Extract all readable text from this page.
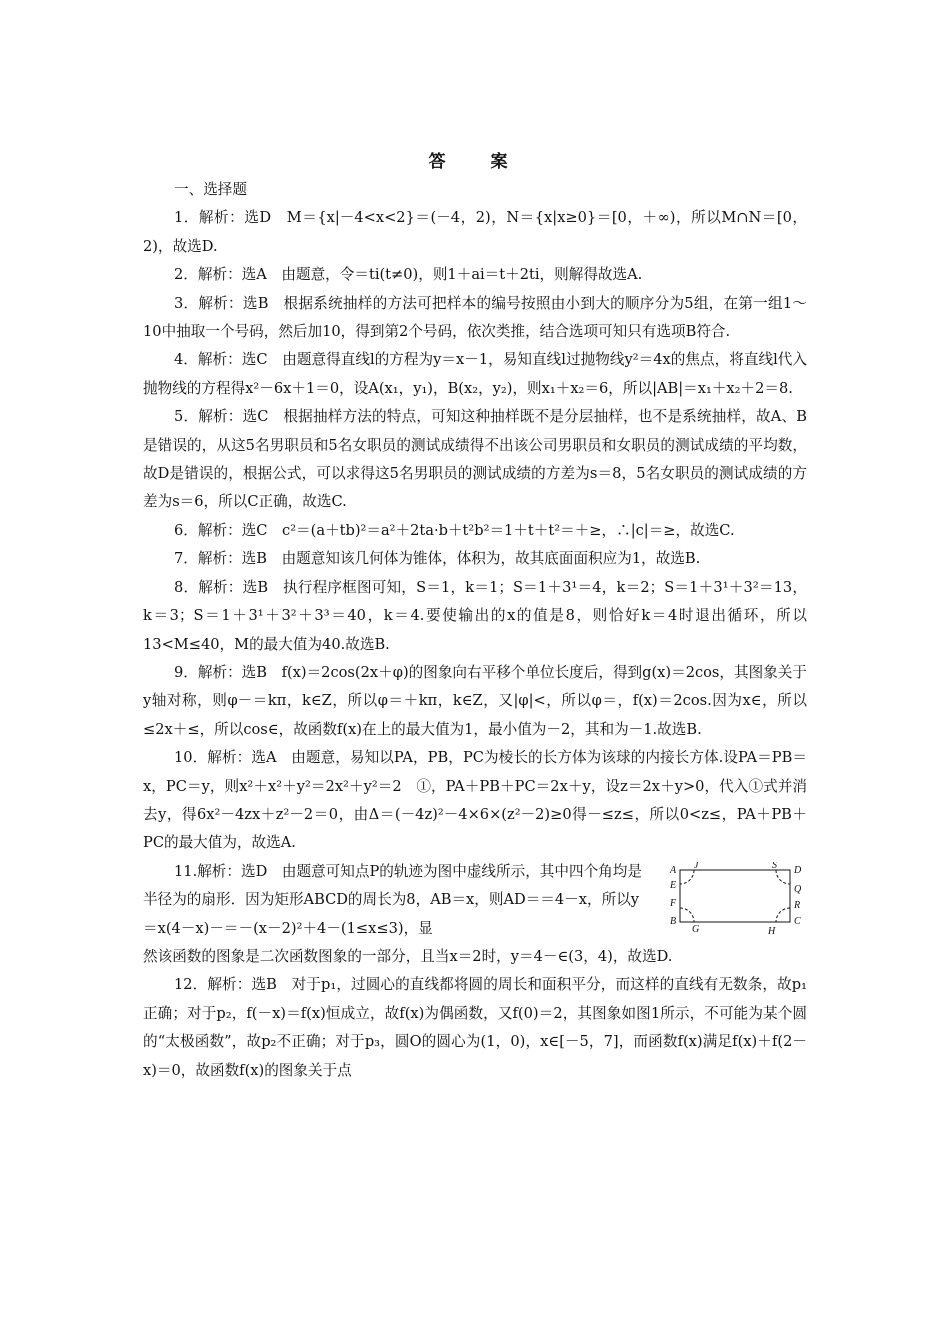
答　案

一、选择题

1．解析：选D　M＝{x|－4<x<2}＝(－4，2)，N＝{x|x≥0}＝[0，＋∞)，所以M∩N＝[0，2)，故选D.

2．解析：选A　由题意，令＝ti(t≠0)，则1＋ai＝t＋2ti，则解得故选A.

3．解析：选B　根据系统抽样的方法可把样本的编号按照由小到大的顺序分为5组，在第一组1～10中抽取一个号码，然后加10，得到第2个号码，依次类推，结合选项可知只有选项B符合.

4．解析：选C　由题意得直线l的方程为y＝x－1，易知直线l过抛物线y²＝4x的焦点，将直线l代入抛物线的方程得x²－6x＋1＝0，设A(x₁，y₁)，B(x₂，y₂)，则x₁＋x₂＝6，所以|AB|＝x₁＋x₂＋2＝8.

5．解析：选C　根据抽样方法的特点，可知这种抽样既不是分层抽样，也不是系统抽样，故A、B是错误的，从这5名男职员和5名女职员的测试成绩得不出该公司男职员和女职员的测试成绩的平均数，故D是错误的，根据公式，可以求得这5名男职员的测试成绩的方差为s＝8，5名女职员的测试成绩的方差为s＝6，所以C正确，故选C.

6．解析：选C　c²＝(a＋tb)²＝a²＋2ta·b＋t²b²＝1＋t＋t²＝＋≥，∴|c|＝≥，故选C.

7．解析：选B　由题意知该几何体为锥体，体积为，故其底面面积应为1，故选B.

8．解析：选B　执行程序框图可知，S＝1，k＝1；S＝1＋3¹＝4，k＝2；S＝1＋3¹＋3²＝13，k＝3；S＝1＋3¹＋3²＋3³＝40，k＝4.要使输出的x的值是8，则恰好k＝4时退出循环，所以13<M≤40，M的最大值为40.故选B.

9．解析：选B　f(x)＝2cos(2x＋φ)的图象向右平移个单位长度后，得到g(x)＝2cos，其图象关于y轴对称，则φ－＝kπ，k∈Z，所以φ＝＋kπ，k∈Z，又|φ|<，所以φ＝，f(x)＝2cos.因为x∈，所以≤2x＋≤，所以cos∈，故函数f(x)在上的最大值为1，最小值为－2，其和为－1.故选B.

10．解析：选A　由题意，易知以PA，PB，PC为棱长的长方体为该球的内接长方体.设PA＝PB＝x，PC＝y，则x²＋x²＋y²＝2x²＋y²＝2　①，PA＋PB＋PC＝2x＋y，设z＝2x＋y>0，代入①式并消去y，得6x²－4zx＋z²－2＝0，由Δ＝(－4z)²－4×6×(z²－2)≥0得－≤z≤，所以0<z≤，PA＋PB＋PC的最大值为，故选A.

11.解析：选D　由题意可知点P的轨迹为图中虚线所示，其中四个角均是半径为的扇形．因为矩形ABCD的周长为8，AB＝x，则AD＝＝4－x，所以y＝x(4－x)－＝－(x－2)²＋4－(1≤x≤3)，显

然该函数的图象是二次函数图象的一部分，且当x＝2时，y＝4－∈(3，4)，故选D.

A J	S D
E	Q
F	R
B
G	H
C

12．解析：选B　对于p₁，过圆心的直线都将圆的周长和面积平分，而这样的直线有无数条，故p₁正确；对于p₂，f(－x)＝f(x)恒成立，故f(x)为偶函数，又f(0)＝2，其图象如图1所示，不可能为某个圆的“太极函数”，故p₂不正确；对于p₃，圆O的圆心为(1，0)，x∈[－5，7]，而函数f(x)满足f(x)＋f(2－x)＝0，故函数f(x)的图象关于点
